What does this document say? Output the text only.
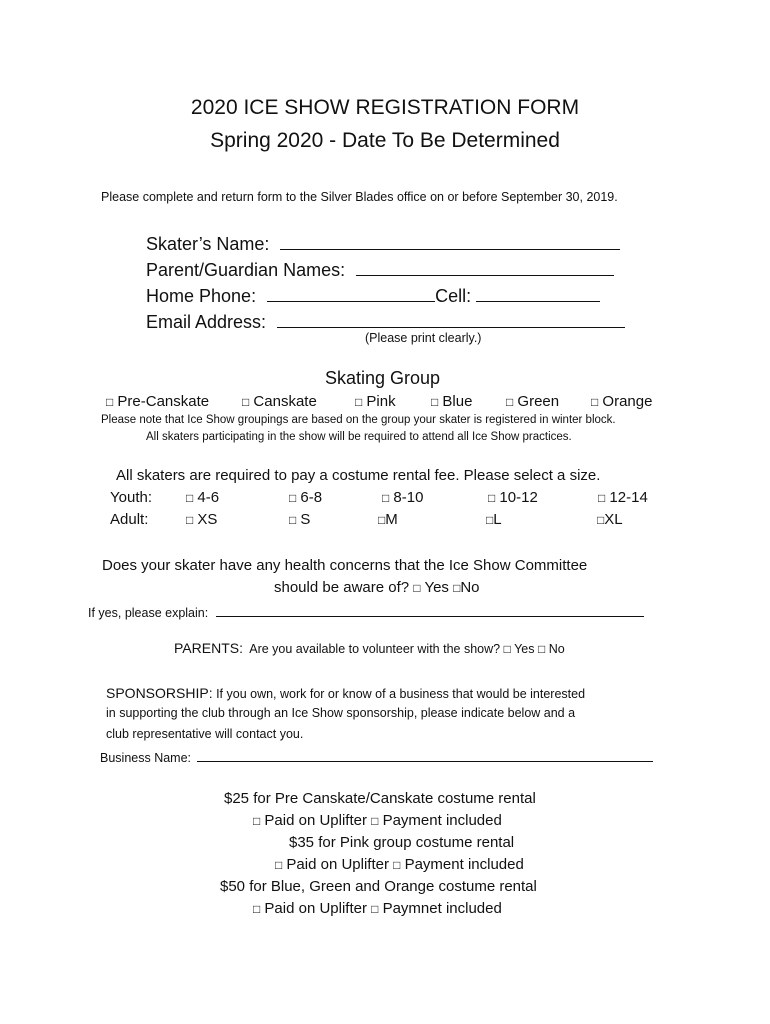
2020 ICE SHOW REGISTRATION FORM
Spring 2020 - Date To Be Determined
Please complete and return form to the Silver Blades office on or before September 30, 2019.
Skater’s Name:
Parent/Guardian Names:
Home Phone:	Cell:
Email Address:
(Please print clearly.)
Skating Group
□ Pre-Canskate	□ Canskate	□ Pink	□ Blue	□ Green	□ Orange
Please note that Ice Show groupings are based on the group your skater is registered in winter block.
All skaters participating in the show will be required to attend all Ice Show practices.
All skaters are required to pay a costume rental fee. Please select a size.
Youth:	□ 4-6	□ 6-8	□ 8-10	□ 10-12	□ 12-14
Adult:	□ XS	□ S	□M	□L	□XL
Does your skater have any health concerns that the Ice Show Committee
should be aware of? □ Yes □No
If yes, please explain:
PARENTS: Are you available to volunteer with the show? □ Yes □ No
SPONSORSHIP: If you own, work for or know of a business that would be interested
in supporting the club through an Ice Show sponsorship, please indicate below and a
club representative will contact you.
Business Name:
$25 for Pre Canskate/Canskate costume rental
□ Paid on Uplifter □ Payment included
$35 for Pink group costume rental
□ Paid on Uplifter □ Payment included
$50 for Blue, Green and Orange costume rental
□ Paid on Uplifter □ Paymnet included
